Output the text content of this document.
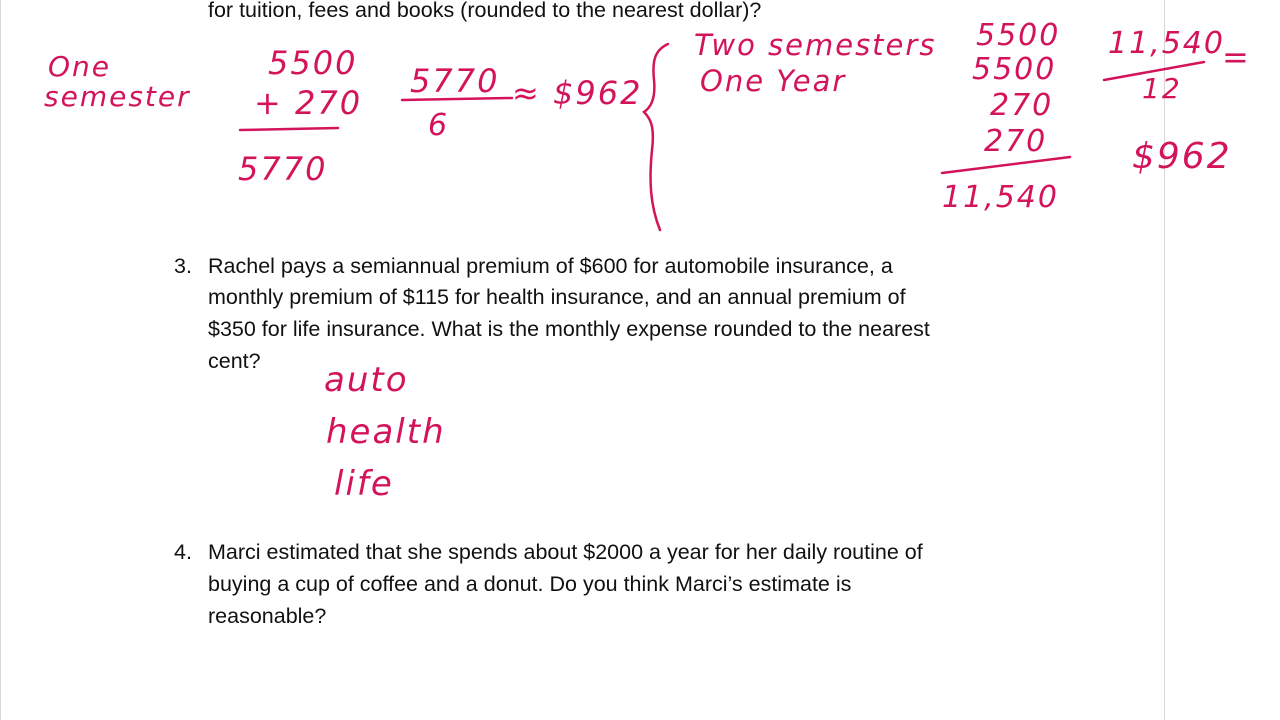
for tuition, fees and books (rounded to the nearest dollar)?
3. Rachel pays a semiannual premium of $600 for automobile insurance, a
monthly premium of $115 for health insurance, and an annual premium of
$350 for life insurance. What is the monthly expense rounded to the nearest
cent?
4. Marci estimated that she spends about $2000 a year for her daily routine of
buying a cup of coffee and a donut. Do you think Marci’s estimate is
reasonable?
One
semester
5500
+ 270
5770
5770
6
≈ $962
Two semesters
One Year
5500
5500
270
270
11,540
11,540
=
12
$962
auto
health
life
